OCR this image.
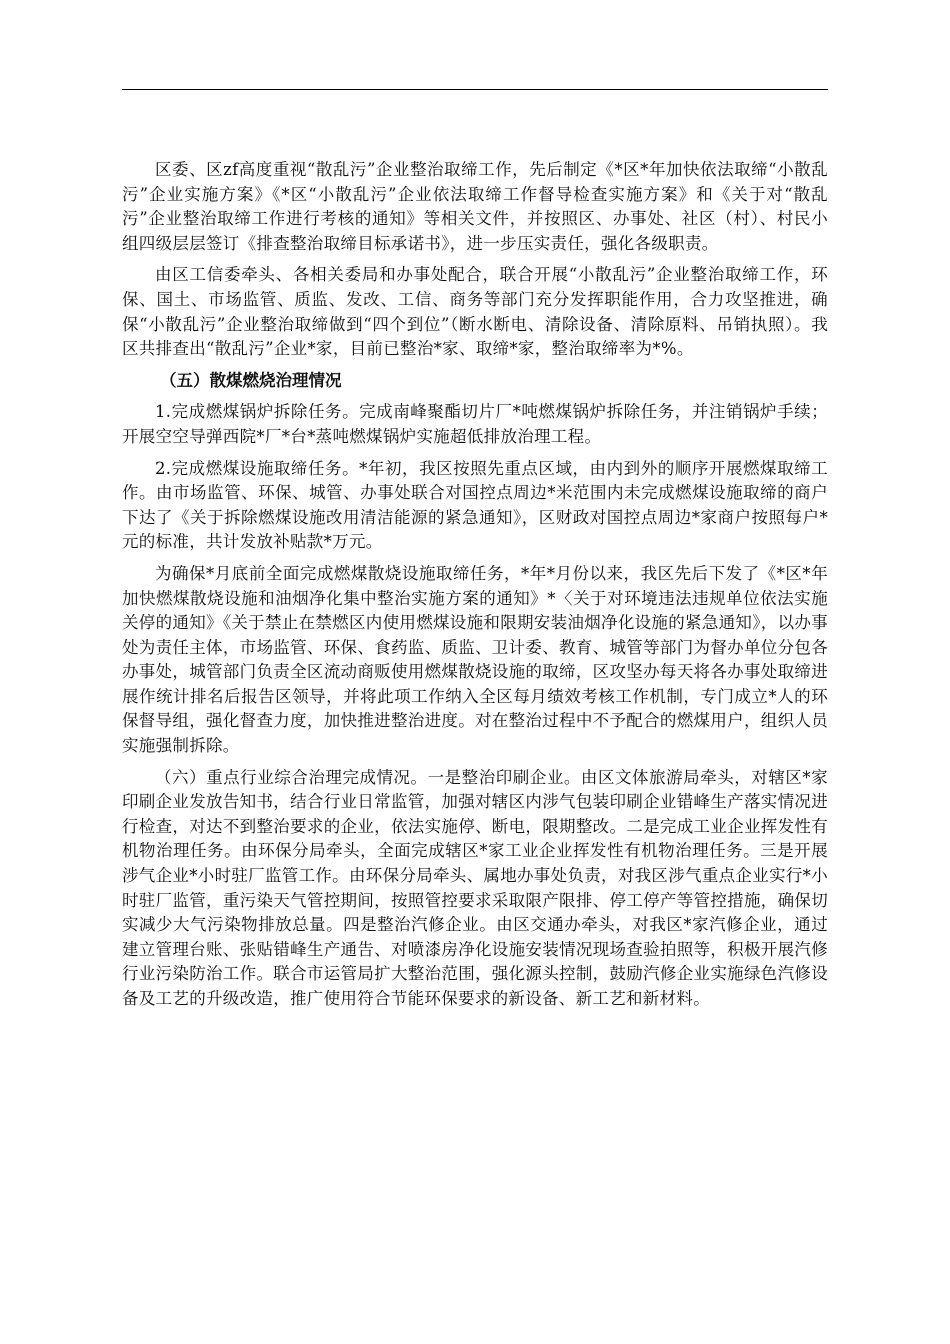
区委、区zf高度重视“散乱污”企业整治取缔工作，先后制定《*区*年加快依法取缔“小散乱污”企业实施方案》《*区“小散乱污”企业依法取缔工作督导检查实施方案》和《关于对“散乱污”企业整治取缔工作进行考核的通知》等相关文件，并按照区、办事处、社区（村）、村民小组四级层层签订《排查整治取缔目标承诺书》，进一步压实责任，强化各级职责。

由区工信委牵头、各相关委局和办事处配合，联合开展“小散乱污”企业整治取缔工作，环保、国土、市场监管、质监、发改、工信、商务等部门充分发挥职能作用，合力攻坚推进，确保“小散乱污”企业整治取缔做到“四个到位”（断水断电、清除设备、清除原料、吊销执照）。我区共排查出“散乱污”企业*家，目前已整治*家、取缔*家，整治取缔率为*%。

（五）散煤燃烧治理情况

1.完成燃煤锅炉拆除任务。完成南峰聚酯切片厂*吨燃煤锅炉拆除任务，并注销锅炉手续；开展空空导弹西院*厂*台*蒸吨燃煤锅炉实施超低排放治理工程。

2.完成燃煤设施取缔任务。*年初，我区按照先重点区域，由内到外的顺序开展燃煤取缔工作。由市场监管、环保、城管、办事处联合对国控点周边*米范围内未完成燃煤设施取缔的商户下达了《关于拆除燃煤设施改用清洁能源的紧急通知》，区财政对国控点周边*家商户按照每户*元的标准，共计发放补贴款*万元。

为确保*月底前全面完成燃煤散烧设施取缔任务，*年*月份以来，我区先后下发了《*区*年加快燃煤散烧设施和油烟净化集中整治实施方案的通知》*〈关于对环境违法违规单位依法实施关停的通知》《关于禁止在禁燃区内使用燃煤设施和限期安装油烟净化设施的紧急通知》，以办事处为责任主体，市场监管、环保、食药监、质监、卫计委、教育、城管等部门为督办单位分包各办事处，城管部门负责全区流动商贩使用燃煤散烧设施的取缔，区攻坚办每天将各办事处取缔进展作统计排名后报告区领导，并将此项工作纳入全区每月绩效考核工作机制，专门成立*人的环保督导组，强化督查力度，加快推进整治进度。对在整治过程中不予配合的燃煤用户，组织人员实施强制拆除。

（六）重点行业综合治理完成情况。一是整治印刷企业。由区文体旅游局牵头，对辖区*家印刷企业发放告知书，结合行业日常监管，加强对辖区内涉气包装印刷企业错峰生产落实情况进行检查，对达不到整治要求的企业，依法实施停、断电，限期整改。二是完成工业企业挥发性有机物治理任务。由环保分局牵头，全面完成辖区*家工业企业挥发性有机物治理任务。三是开展涉气企业*小时驻厂监管工作。由环保分局牵头、属地办事处负责，对我区涉气重点企业实行*小时驻厂监管，重污染天气管控期间，按照管控要求采取限产限排、停工停产等管控措施，确保切实减少大气污染物排放总量。四是整治汽修企业。由区交通办牵头，对我区*家汽修企业，通过建立管理台账、张贴错峰生产通告、对喷漆房净化设施安装情况现场查验拍照等，积极开展汽修行业污染防治工作。联合市运管局扩大整治范围，强化源头控制，鼓励汽修企业实施绿色汽修设备及工艺的升级改造，推广使用符合节能环保要求的新设备、新工艺和新材料。
